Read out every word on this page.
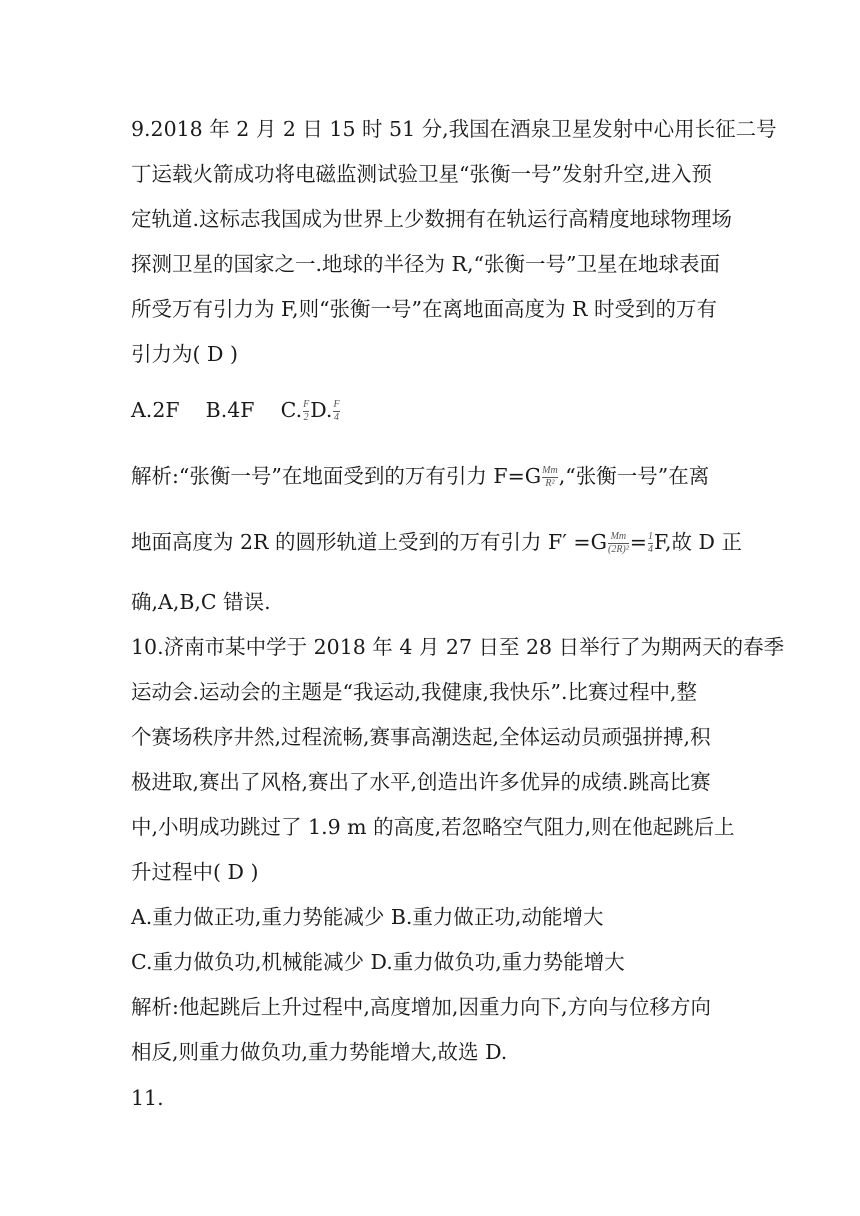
9.2018 年 2 月 2 日 15 时 51 分,我国在酒泉卫星发射中心用长征二号
丁运载火箭成功将电磁监测试验卫星“张衡一号”发射升空,进入预
定轨道.这标志我国成为世界上少数拥有在轨运行高精度地球物理场
探测卫星的国家之一.地球的半径为 R,“张衡一号”卫星在地球表面
所受万有引力为 F,则“张衡一号”在离地面高度为 R 时受到的万有
引力为( D )
A.2F B.4F C. $\frac{F}{2} D$. $\frac{F}{4}$
解析:“张衡一号”在地面受到的万有引力 $F=G \frac{Mm}{\text{R²}}$ ,“张衡一号”在离
地面高度为 2R 的圆形轨道上受到的万有引力 $F' =G \frac{Mm}{\text{(2R)²}} = \frac{1}{4} F$,故 D 正
确,A,B,C 错误.
10.济南市某中学于 2018 年 4 月 27 日至 28 日举行了为期两天的春季
运动会.运动会的主题是“我运动,我健康,我快乐”.比赛过程中,整
个赛场秩序井然,过程流畅,赛事高潮迭起,全体运动员顽强拼搏,积
极进取,赛出了风格,赛出了水平,创造出许多优异的成绩.跳高比赛
中,小明成功跳过了 1.9 m 的高度,若忽略空气阻力,则在他起跳后上
升过程中( D )
A.重力做正功,重力势能减少 B.重力做正功,动能增大
C.重力做负功,机械能减少 D.重力做负功,重力势能增大
解析:他起跳后上升过程中,高度增加,因重力向下,方向与位移方向
相反,则重力做负功,重力势能增大,故选 D.
11.
